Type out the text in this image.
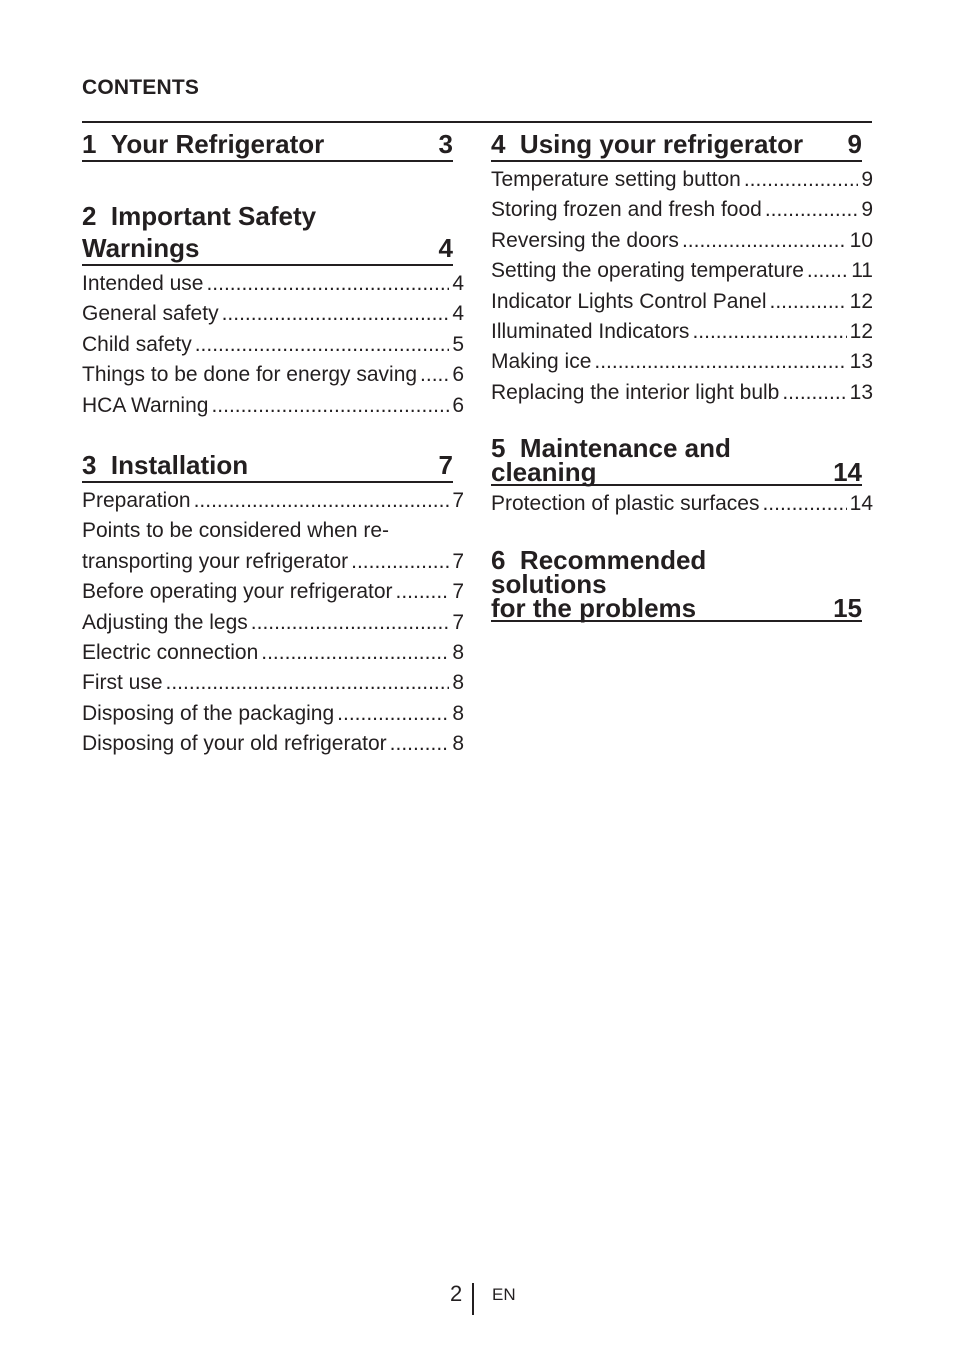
CONTENTS
1 Your Refrigerator	3
2 Important Safety
Warnings	4
Intended use .....	4
General safety .....	4
Child safety .....	5
Things to be done for energy saving ..... 6
HCA Warning .....	6
3 Installation	7
Preparation .....	7
Points to be considered when re-
transporting your refrigerator .....	7
Before operating your refrigerator .....	7
Adjusting the legs .....	7
Electric connection .....	8
First use .....	8
Disposing of the packaging .....	8
Disposing of your old refrigerator .....	8
4 Using your refrigerator	9
Temperature setting button .....	9
Storing frozen and fresh food .....	9
Reversing the doors .....	10
Setting the operating temperature ..... 11
Indicator Lights Control Panel .....	12
Illuminated Indicators .....	12
Making ice .....	13
Replacing the interior light bulb .....	13
5 Maintenance and
cleaning	14
Protection of plastic surfaces .....	14
6 Recommended solutions
for the problems	15
2 EN
